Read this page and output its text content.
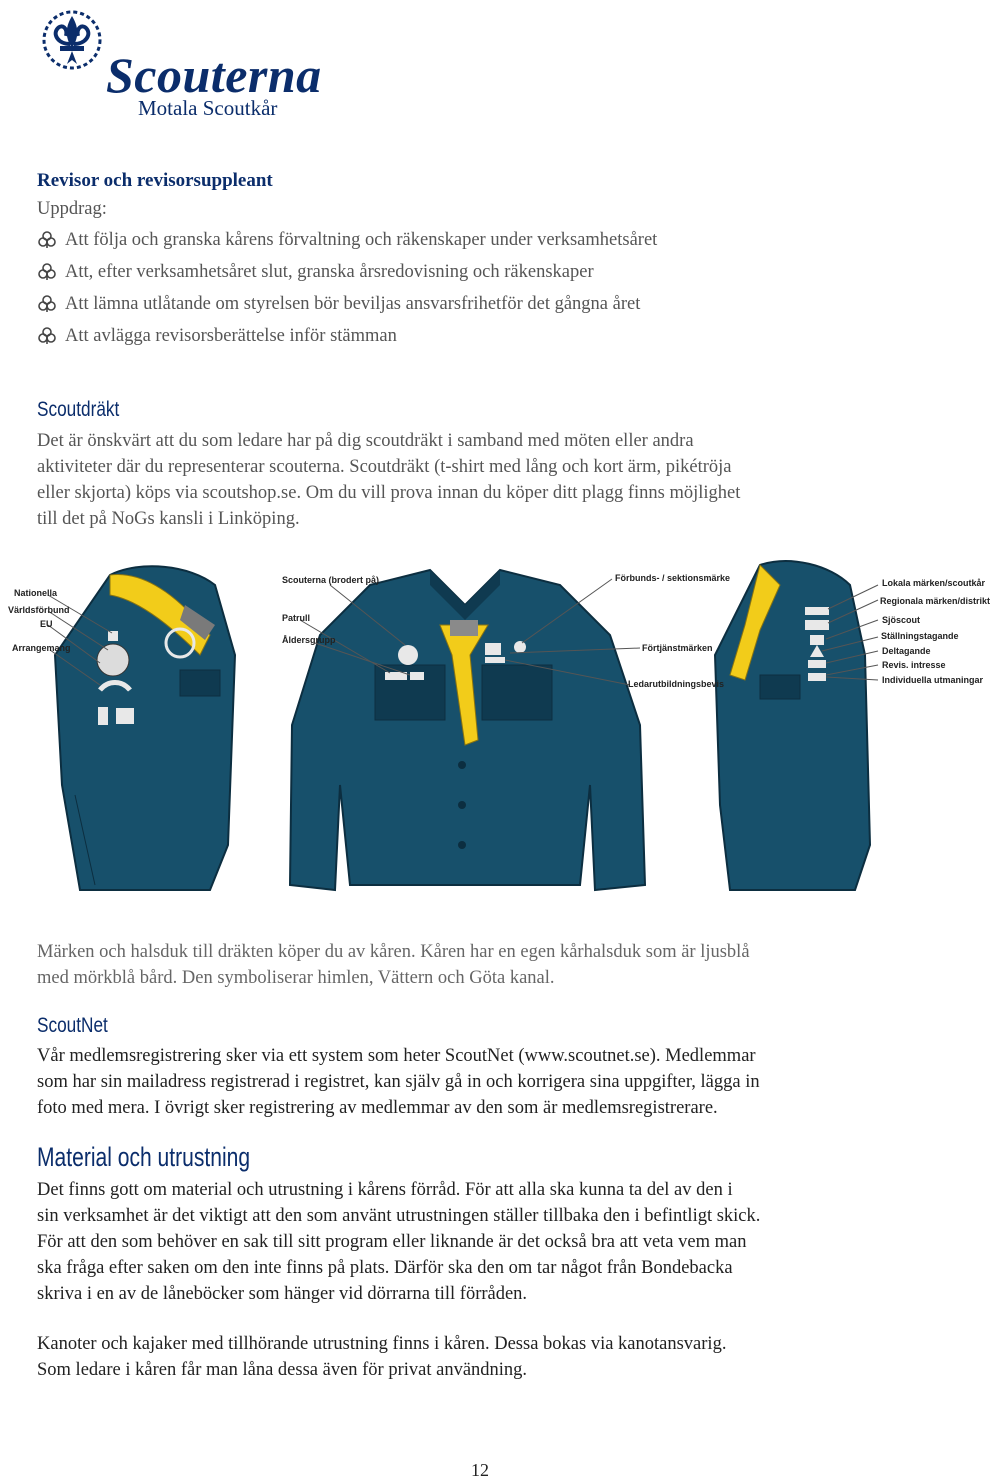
Scouterna
Motala Scoutkår
Revisor och revisorsuppleant
Uppdrag:
Att följa och granska kårens förvaltning och räkenskaper under verksamhetsåret
Att, efter verksamhetsåret slut, granska årsredovisning och räkenskaper
Att lämna utlåtande om styrelsen bör beviljas ansvarsfrihetför det gångna året
Att avlägga revisorsberättelse inför stämman
Scoutdräkt
Det är önskvärt att du som ledare har på dig scoutdräkt i samband med möten eller andra
aktiviteter där du representerar scouterna. Scoutdräkt (t-shirt med lång och kort ärm, pikétröja
eller skjorta) köps via scoutshop.se. Om du vill prova innan du köper ditt plagg finns möjlighet
till det på NoGs kansli i Linköping.
Nationella
Världsförbund
EU
Arrangemang
Scouterna (brodert på)
Patrull
Åldersgrupp
Förbunds- / sektionsmärke
Förtjänstmärken
Ledarutbildningsbevis
Lokala märken/scoutkår
Regionala märken/distrikt
Sjöscout
Ställningstagande
Deltagande
Revis. intresse
Individuella utmaningar
Märken och halsduk till dräkten köper du av kåren. Kåren har en egen kårhalsduk som är ljusblå
med mörkblå bård. Den symboliserar himlen, Vättern och Göta kanal.
ScoutNet
Vår medlemsregistrering sker via ett system som heter ScoutNet (www.scoutnet.se). Medlemmar
som har sin mailadress registrerad i registret, kan själv gå in och korrigera sina uppgifter, lägga in
foto med mera. I övrigt sker registrering av medlemmar av den som är medlemsregistrerare.
Material och utrustning
Det finns gott om material och utrustning i kårens förråd. För att alla ska kunna ta del av den i
sin verksamhet är det viktigt att den som använt utrustningen ställer tillbaka den i befintligt skick.
För att den som behöver en sak till sitt program eller liknande är det också bra att veta vem man
ska fråga efter saken om den inte finns på plats. Därför ska den om tar något från Bondebacka
skriva i en av de låneböcker som hänger vid dörrarna till förråden.
Kanoter och kajaker med tillhörande utrustning finns i kåren. Dessa bokas via kanotansvarig.
Som ledare i kåren får man låna dessa även för privat användning.
12
